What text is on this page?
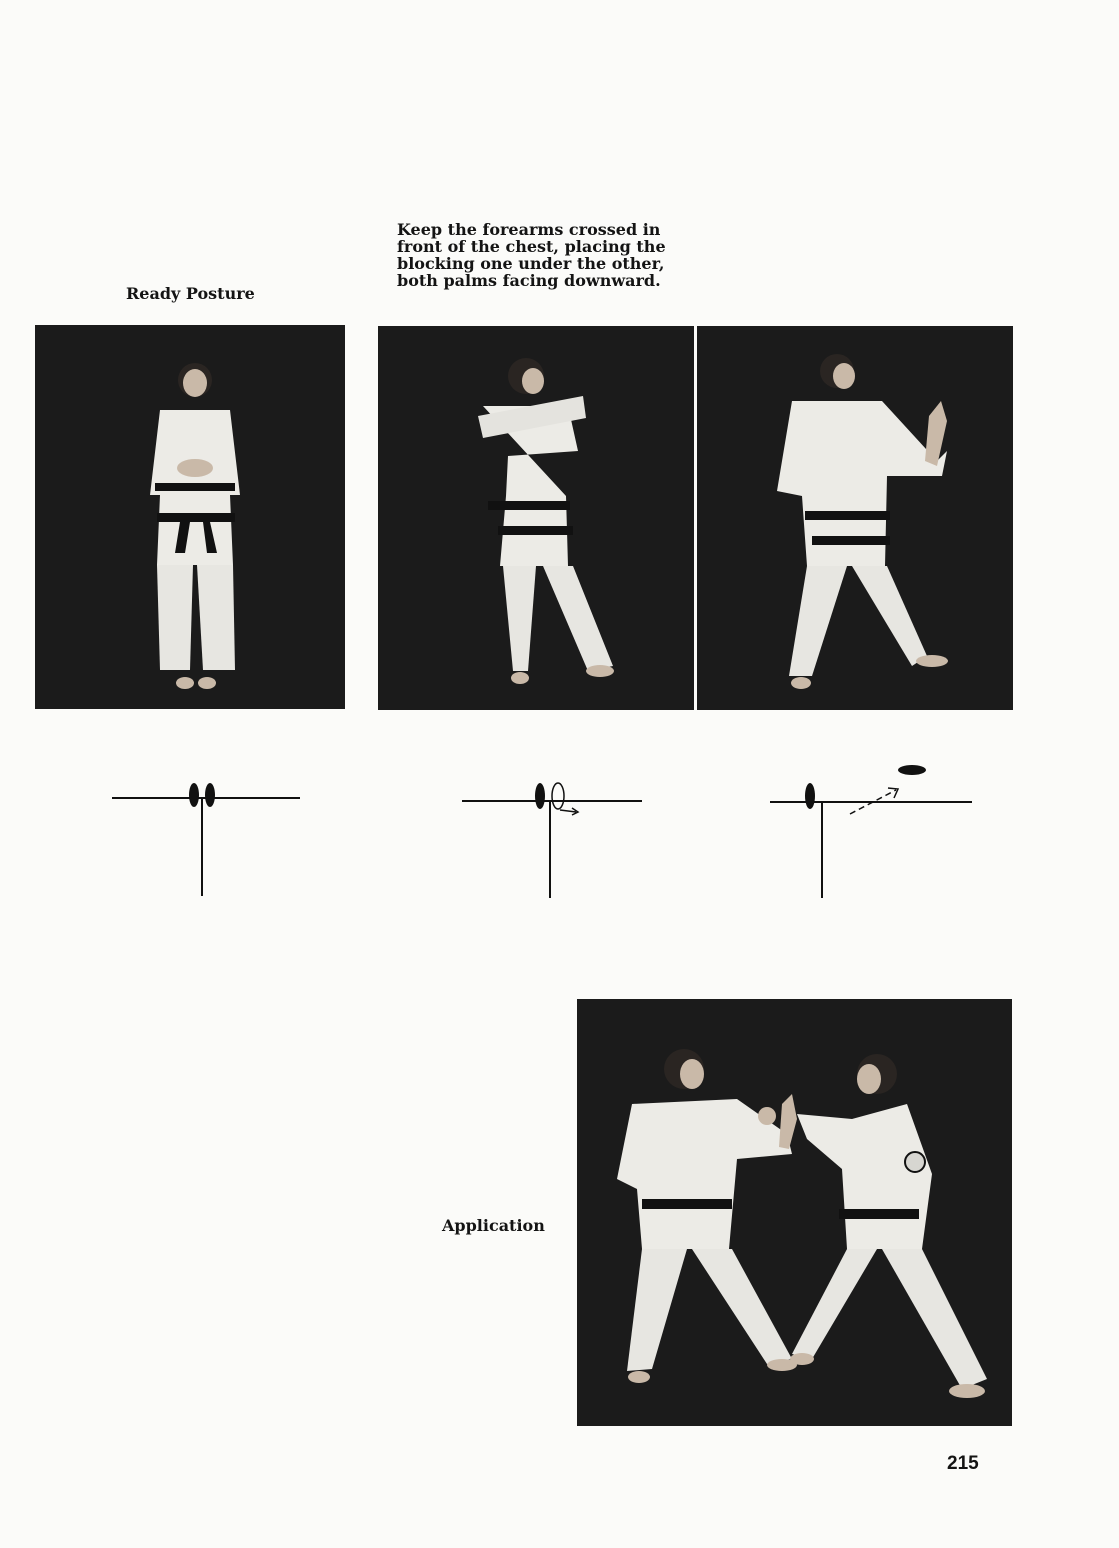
Ready Posture
Keep the forearms crossed in
front of the chest, placing the
blocking one under the other,
both palms facing downward.
Application
215
